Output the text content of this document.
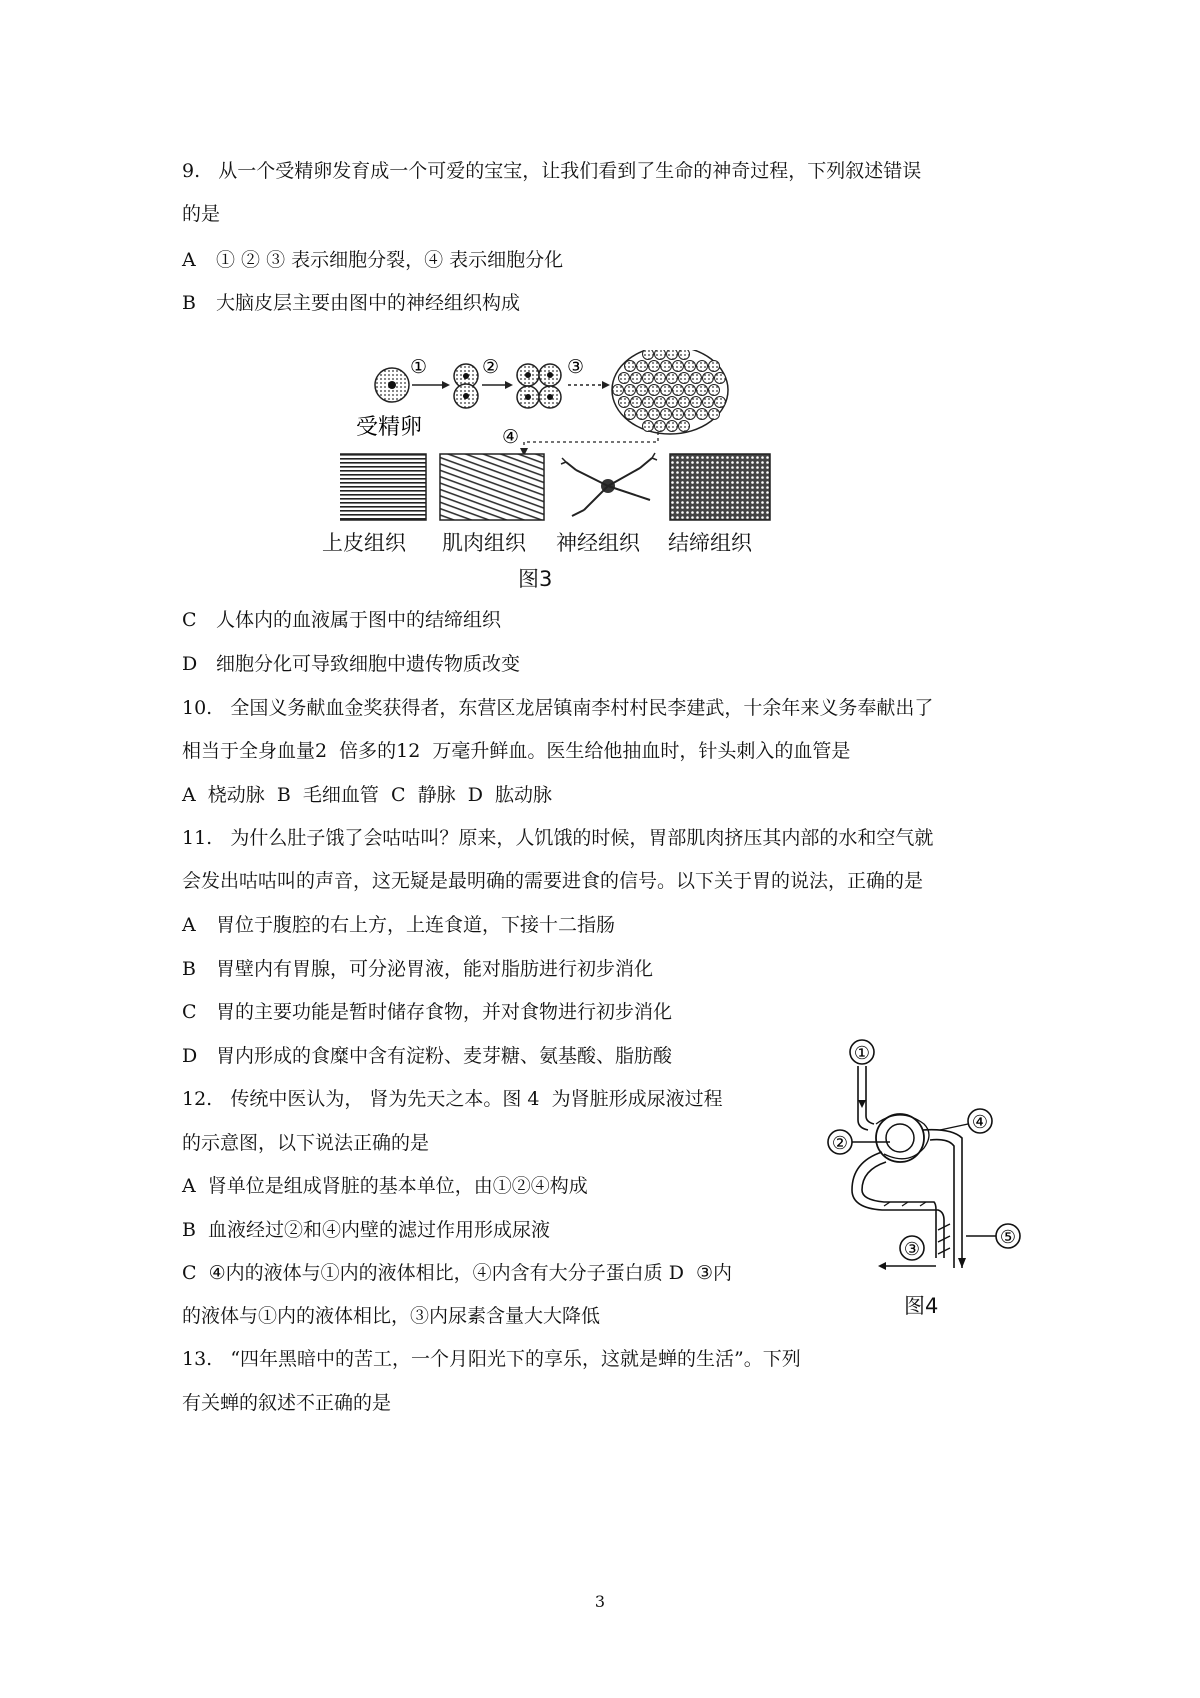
9.   从一个受精卵发育成一个可爱的宝宝，让我们看到了生命的神奇过程，下列叙述错误
的是
A ① ② ③ 表示细胞分裂，④ 表示细胞分化
B 大脑皮层主要由图中的神经组织构成
①	②	③
受精卵	④
上皮组织 肌肉组织 神经组织 结缔组织
图3
C 人体内的血液属于图中的结缔组织
D 细胞分化可导致细胞中遗传物质改变
10.   全国义务献血金奖获得者，东营区龙居镇南李村村民李建武，十余年来义务奉献出了
相当于全身血量2  倍多的12  万毫升鲜血。医生给他抽血时，针头刺入的血管是
A  桡动脉  B  毛细血管  C  静脉  D  肱动脉
11.   为什么肚子饿了会咕咕叫？原来，人饥饿的时候，胃部肌肉挤压其内部的水和空气就
会发出咕咕叫的声音，这无疑是最明确的需要进食的信号。以下关于胃的说法，正确的是
A 胃位于腹腔的右上方，上连食道，下接十二指肠
B 胃壁内有胃腺，可分泌胃液，能对脂肪进行初步消化
C 胃的主要功能是暂时储存食物，并对食物进行初步消化
D 胃内形成的食糜中含有淀粉、麦芽糖、氨基酸、脂肪酸
12.   传统中医认为， 肾为先天之本。图 4  为肾脏形成尿液过程
的示意图，以下说法正确的是
A  肾单位是组成肾脏的基本单位，由①②④构成
B  血液经过②和④内壁的滤过作用形成尿液
C  ④内的液体与①内的液体相比，④内含有大分子蛋白质 D  ③内
的液体与①内的液体相比，③内尿素含量大大降低
①
②
④
⑤
③
图4
13.   “四年黑暗中的苦工，一个月阳光下的享乐，这就是蝉的生活”。下列
有关蝉的叙述不正确的是
3
